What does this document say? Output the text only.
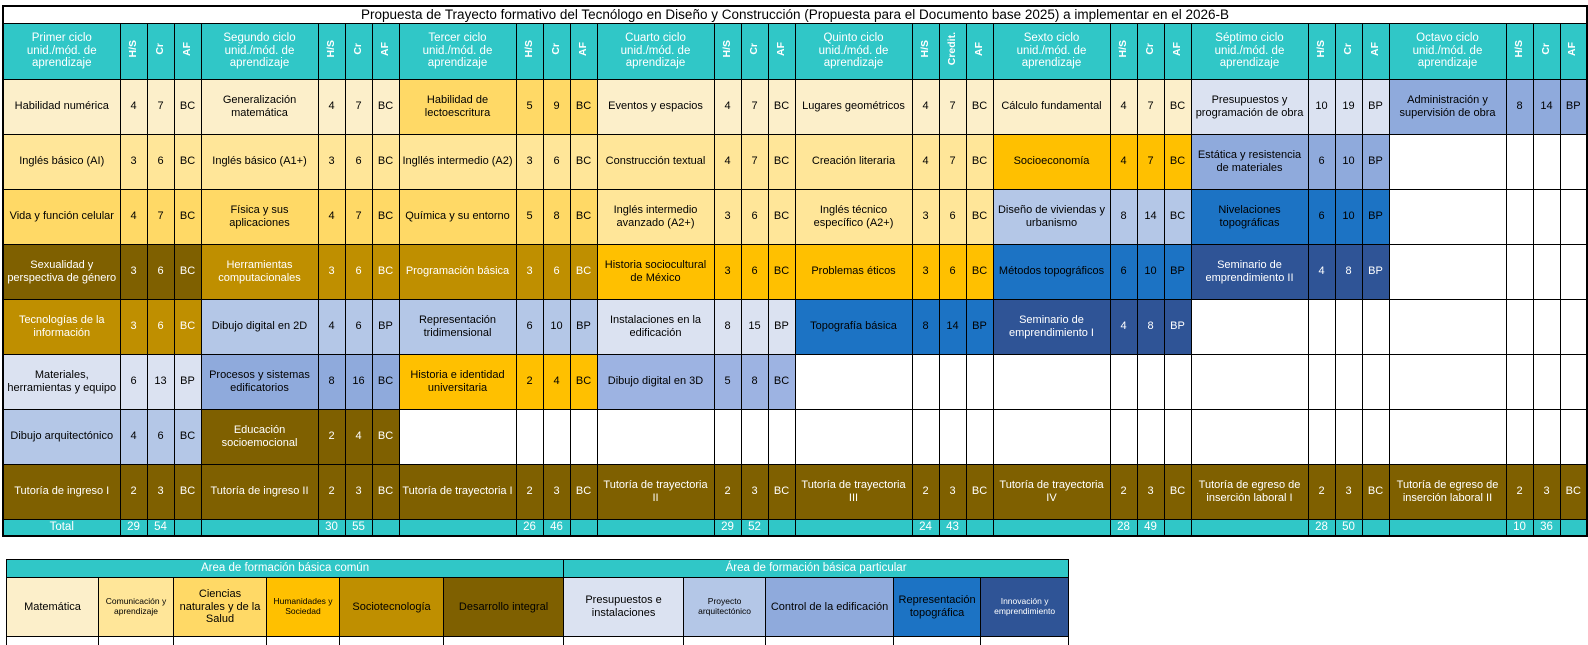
Propuesta de Trayecto formativo del Tecnólogo en Diseño y Construcción (Propuesta para el Documento base 2025) a implementar en el 2026-B																															
Primer ciclo unid./mód. de aprendizaje	H/S	Cr	AF	Segundo ciclo unid./mód. de aprendizaje	H/S	Cr	AF	Tercer ciclo unid./mód. de aprendizaje	H/S	Cr	AF	Cuarto ciclo unid./mód. de aprendizaje	H/S	Cr	AF	Quinto ciclo unid./mód. de aprendizaje	H/S	Credit.	AF	Sexto ciclo unid./mód. de aprendizaje	H/S	Cr	AF	Séptimo ciclo unid./mód. de aprendizaje	H/S	Cr	AF	Octavo ciclo unid./mód. de aprendizaje	H/S	Cr	AF
Habilidad numérica	4	7	BC	Generalización matemática	4	7	BC	Habilidad de lectoescritura	5	9	BC	Eventos y espacios	4	7	BC	Lugares geométricos	4	7	BC	Cálculo fundamental	4	7	BC	Presupuestos y programación de obra	10	19	BP	Administración y supervisión de obra	8	14	BP
Inglés básico (AI)	3	6	BC	Inglés básico (A1+)	3	6	BC	Ingllés intermedio (A2)	3	6	BC	Construcción textual	4	7	BC	Creación literaria	4	7	BC	Socioeconomía	4	7	BC	Estática y resistencia de materiales	6	10	BP				
Vida y función celular	4	7	BC	Física y sus aplicaciones	4	7	BC	Química y su entorno	5	8	BC	Inglés intermedio avanzado (A2+)	3	6	BC	Inglés técnico específico (A2+)	3	6	BC	Diseño de viviendas y urbanismo	8	14	BC	Nivelaciones topográficas	6	10	BP				
Sexualidad y perspectiva de género	3	6	BC	Herramientas computacionales	3	6	BC	Programación básica	3	6	BC	Historia sociocultural de México	3	6	BC	Problemas éticos	3	6	BC	Métodos topográficos	6	10	BP	Seminario de emprendimiento II	4	8	BP				
Tecnologías de la información	3	6	BC	Dibujo digital en 2D	4	6	BP	Representación tridimensional	6	10	BP	Instalaciones en la edificación	8	15	BP	Topografía básica	8	14	BP	Seminario de emprendimiento I	4	8	BP								
Materiales, herramientas y equipo	6	13	BP	Procesos y sistemas edificatorios	8	16	BC	Historia e identidad universitaria	2	4	BC	Dibujo digital en 3D	5	8	BC																
Dibujo arquitectónico	4	6	BC	Educación socioemocional	2	4	BC																								
Tutoría de ingreso I	2	3	BC	Tutoría de ingreso II	2	3	BC	Tutoría de trayectoria I	2	3	BC	Tutoría de trayectoria II	2	3	BC	Tutoría de trayectoria III	2	3	BC	Tutoría de trayectoria IV	2	3	BC	Tutoría de egreso de inserción laboral I	2	3	BC	Tutoría de egreso de inserción laboral II	2	3	BC
Total	29	54			30	55			26	46			29	52			24	43			28	49			28	50			10	36	
Area de formación básica común						Área de formación básica particular				
Matemática	Comunicación y aprendizaje	Ciencias naturales y de la Salud	Humanidades y Sociedad	Sociotecnología	Desarrollo integral	Presupuestos e instalaciones	Proyecto arquitectónico	Control de la edificación	Representación topográfica	Innovación y emprendimiento
